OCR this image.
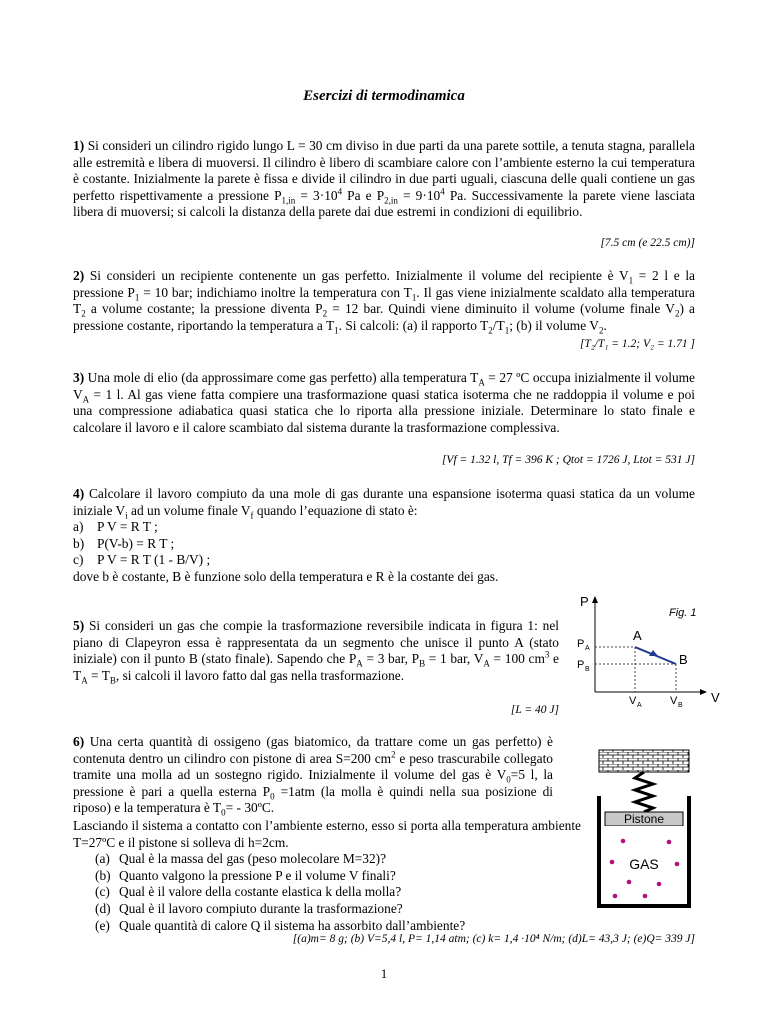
Esercizi di termodinamica
1) Si consideri un cilindro rigido lungo L = 30 cm diviso in due parti da una parete sottile, a tenuta stagna, parallela alle estremità e libera di muoversi. Il cilindro è libero di scambiare calore con l’ambiente esterno la cui temperatura è costante. Inizialmente la parete è fissa e divide il cilindro in due parti uguali, ciascuna delle quali contiene un gas perfetto rispettivamente a pressione $P_{1,in} = 3\cdot 10^4$ Pa e $P_{2,in} = 9\cdot 10^4$ Pa. Successivamente la parete viene lasciata libera di muoversi; si calcoli la distanza della parete dai due estremi in condizioni di equilibrio.
[7.5 cm (e 22.5 cm)]
2) Si consideri un recipiente contenente un gas perfetto. Inizialmente il volume del recipiente è $V_1 = 2$ l e la pressione $P_1 = 10$ bar; indichiamo inoltre la temperatura con $T_1$. Il gas viene inizialmente scaldato alla temperatura $T_2$ a volume costante; la pressione diventa $P_2 = 12$ bar. Quindi viene diminuito il volume (volume finale $V_2$) a pressione costante, riportando la temperatura a $T_1$. Si calcoli: (a) il rapporto $T_2/T_1$; (b) il volume $V_2$.
[T₂/T₁ = 1.2; V₂ = 1.71 ]
3) Una mole di elio (da approssimare come gas perfetto) alla temperatura $T_A = 27$ ºC occupa inizialmente il volume $V_A = 1$ l. Al gas viene fatta compiere una trasformazione quasi statica isoterma che ne raddoppia il volume e poi una compressione adiabatica quasi statica che lo riporta alla pressione iniziale. Determinare lo stato finale e calcolare il lavoro e il calore scambiato dal sistema durante la trasformazione complessiva.
[Vf = 1.32 l, Tf = 396 K ; Qtot = 1726 J, Ltot = 531 J]
4) Calcolare il lavoro compiuto da una mole di gas durante una espansione isoterma quasi statica da un volume iniziale $V_i$ ad un volume finale $V_f$ quando l’equazione di stato è:
a) P V = R T ;
b) P(V-b) = R T ;
c) P V = R T (1 - B/V) ;
dove b è costante, B è funzione solo della temperatura e R è la costante dei gas.
5) Si consideri un gas che compie la trasformazione reversibile indicata in figura 1: nel piano di Clapeyron essa è rappresentata da un segmento che unisce il punto A (stato iniziale) con il punto B (stato finale). Sapendo che $P_A = 3$ bar, $P_B = 1$ bar, $V_A = 100$ $cm^3$ e $T_A = T_B$, si calcoli il lavoro fatto dal gas nella trasformazione.
[L = 40 J]
P
V
Fig. 1
A
B
P A
P B
V A	V B
6) Una certa quantità di ossigeno (gas biatomico, da trattare come un gas perfetto) è contenuta dentro un cilindro con pistone di area S=200 $cm^2$ e peso trascurabile collegato tramite una molla ad un sostegno rigido. Inizialmente il volume del gas è $V_0=5$ l, la pressione è pari a quella esterna $P_0 =1atm$ (la molla è quindi nella sua posizione di riposo) e la temperatura è $T_0=$ - 30ºC.
Lasciando il sistema a contatto con l’ambiente esterno, esso si porta alla temperatura ambiente T=27ºC e il pistone si solleva di h=2cm.
(a) Qual è la massa del gas (peso molecolare M=32)?
(b) Quanto valgono la pressione P e il volume V finali?
(c) Qual è il valore della costante elastica k della molla?
(d) Qual è il lavoro compiuto durante la trasformazione?
(e) Quale quantità di calore Q il sistema ha assorbito dall’ambiente?
[(a)m= 8 g; (b) V=5,4 l, P= 1,14 atm; (c) k= 1,4 ·10⁴ N/m; (d)L= 43,3 J; (e)Q= 339 J]
Pistone
GAS
1
